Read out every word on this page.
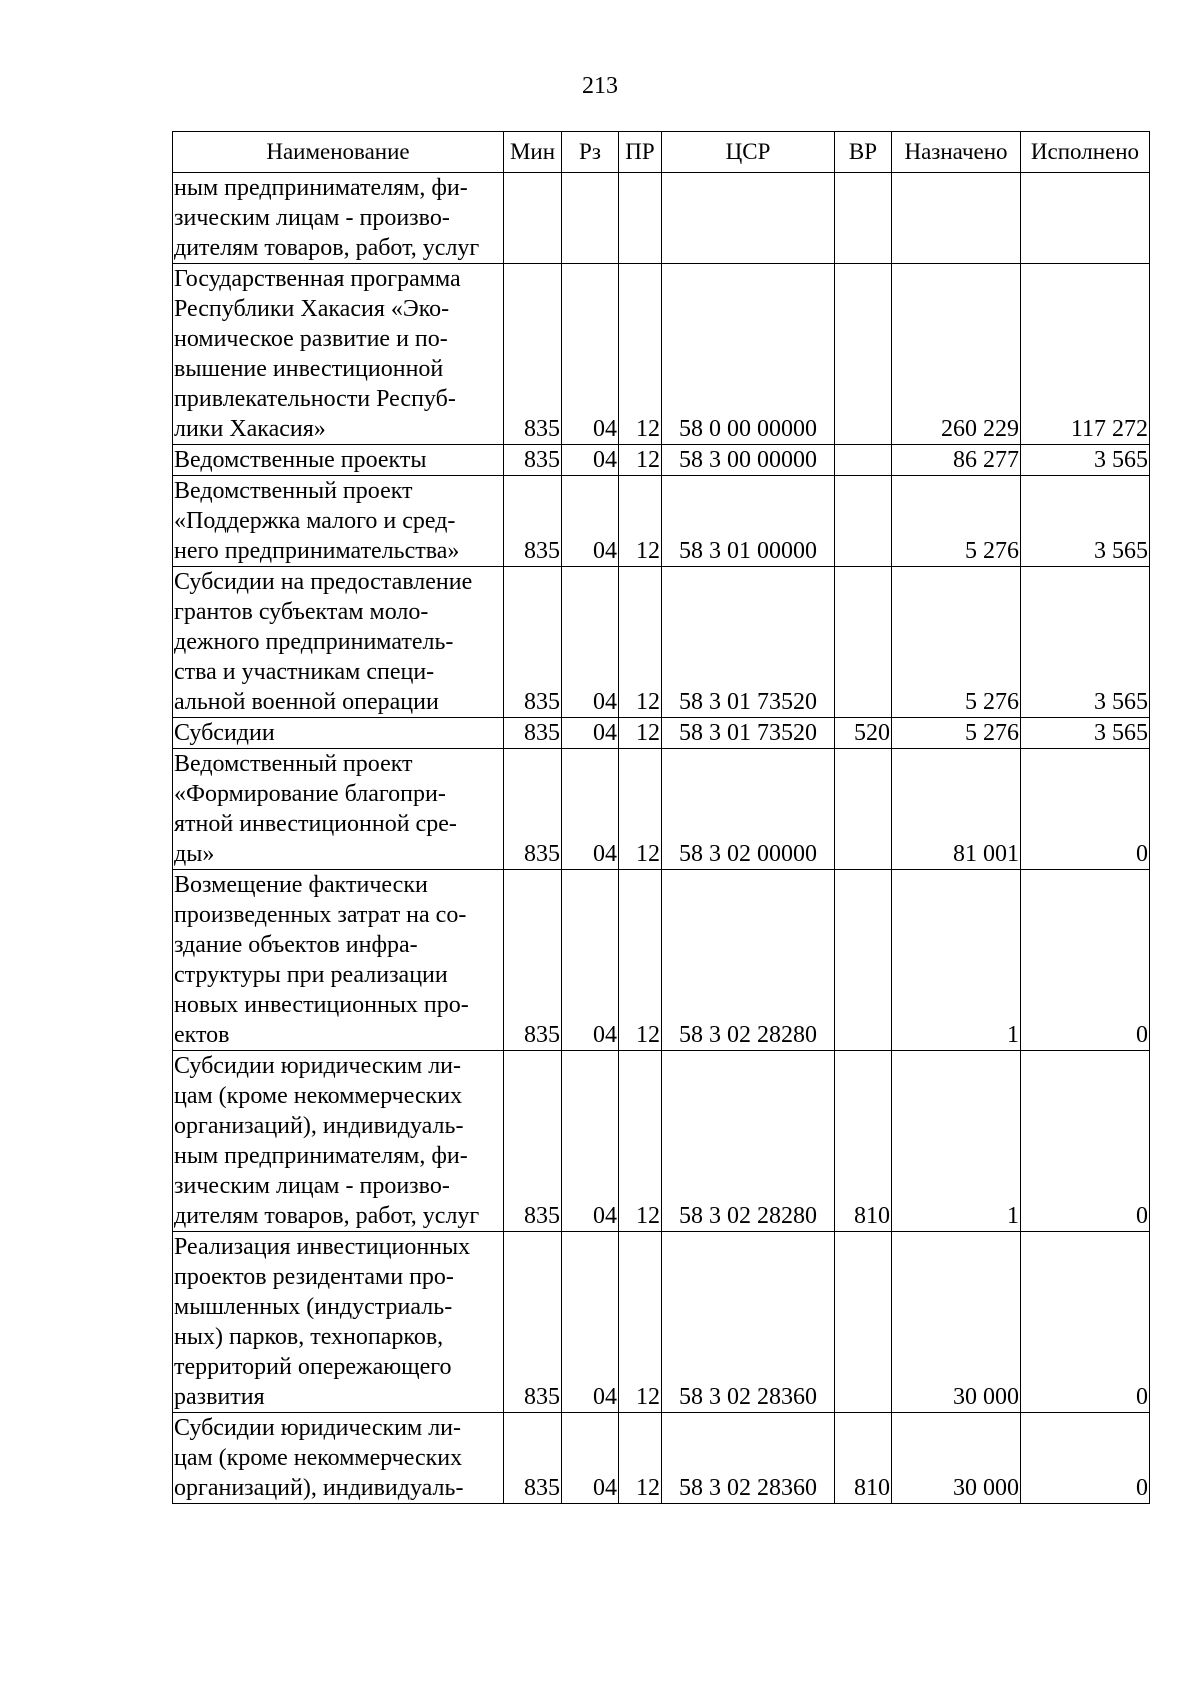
213
Наименование	Мин	Рз	ПР	ЦСР	ВР	Назначено	Исполнено
ным предпринимателям, фи- зическим лицам - произво- дителям товаров, работ, услуг							
Государственная программа Республики Хакасия «Эко- номическое развитие и по- вышение инвестиционной привлекательности Респуб- лики Хакасия»	835	04	12	58 0 00 00000		260 229	117 272
Ведомственные проекты	835	04	12	58 3 00 00000		86 277	3 565
Ведомственный проект «Поддержка малого и сред- него предпринимательства»	835	04	12	58 3 01 00000		5 276	3 565
Субсидии на предоставление грантов субъектам моло- дежного предприниматель- ства и участникам специ- альной военной операции	835	04	12	58 3 01 73520		5 276	3 565
Субсидии	835	04	12	58 3 01 73520	520	5 276	3 565
Ведомственный проект «Формирование благопри- ятной инвестиционной сре- ды»	835	04	12	58 3 02 00000		81 001	0
Возмещение фактически произведенных затрат на со- здание объектов инфра- структуры при реализации новых инвестиционных про- ектов	835	04	12	58 3 02 28280		1	0
Субсидии юридическим ли- цам (кроме некоммерческих организаций), индивидуаль- ным предпринимателям, фи- зическим лицам - произво- дителям товаров, работ, услуг	835	04	12	58 3 02 28280	810	1	0
Реализация инвестиционных проектов резидентами про- мышленных (индустриаль- ных) парков, технопарков, территорий опережающего развития	835	04	12	58 3 02 28360		30 000	0
Субсидии юридическим ли- цам (кроме некоммерческих организаций), индивидуаль-	835	04	12	58 3 02 28360	810	30 000	0
